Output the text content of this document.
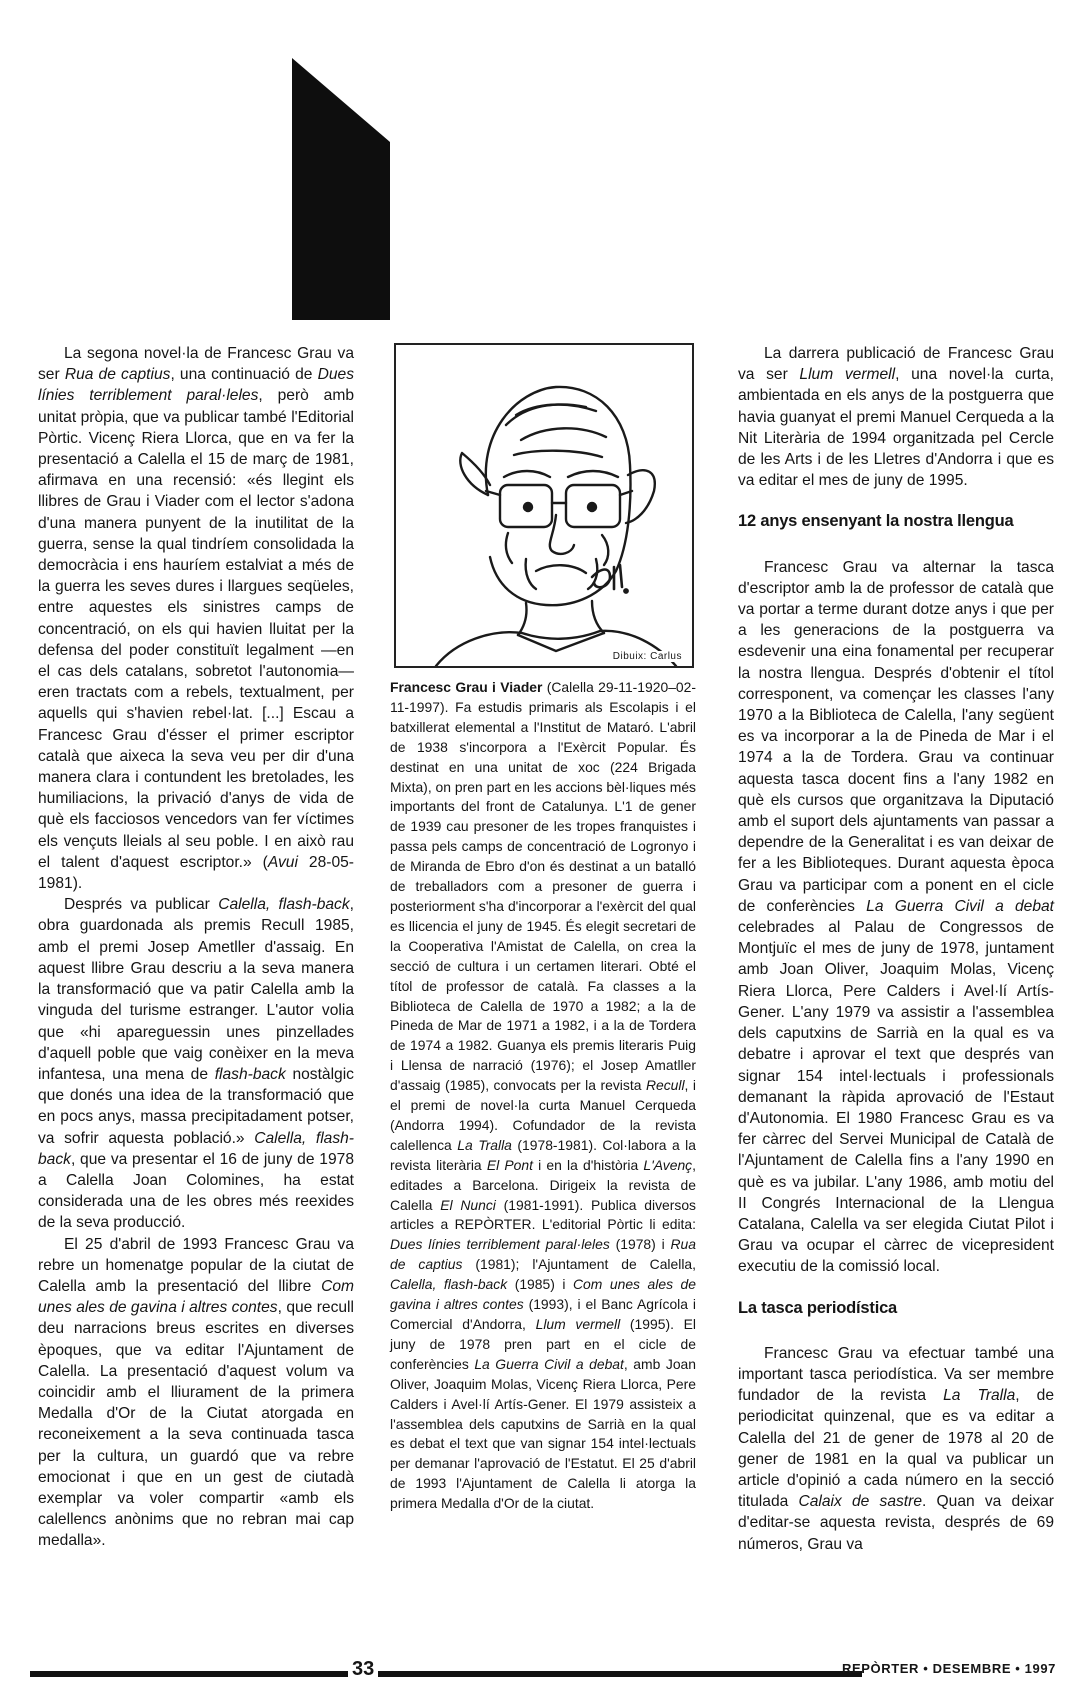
La segona novel·la de Francesc Grau va ser Rua de captius, una continuació de Dues línies terriblement paral·leles, però amb unitat pròpia, que va publicar també l'Editorial Pòrtic. Vicenç Riera Llorca, que en va fer la presentació a Calella el 15 de març de 1981, afirmava en una recensió: «és llegint els llibres de Grau i Viader com el lector s'adona d'una manera punyent de la inutilitat de la guerra, sense la qual tindríem consolidada la democràcia i ens hauríem estalviat a més de la guerra les seves dures i llargues seqüeles, entre aquestes els sinistres camps de concentració, on els qui havien lluitat per la defensa del poder constituït legalment —en el cas dels catalans, sobretot l'autonomia— eren tractats com a rebels, textualment, per aquells qui s'havien rebel·lat. [...] Escau a Francesc Grau d'ésser el primer escriptor català que aixeca la seva veu per dir d'una manera clara i contundent les bretolades, les humiliacions, la privació d'anys de vida de què els facciosos vencedors van fer víctimes els vençuts lleials al seu poble. I en això rau el talent d'aquest escriptor.» (Avui 28-05-1981).

Després va publicar Calella, flash-back, obra guardonada als premis Recull 1985, amb el premi Josep Ametller d'assaig. En aquest llibre Grau descriu a la seva manera la transformació que va patir Calella amb la vinguda del turisme estranger. L'autor volia que «hi apareguessin unes pinzellades d'aquell poble que vaig conèixer en la meva infantesa, una mena de flash-back nostàlgic que donés una idea de la transformació que en pocs anys, massa precipitadament potser, va sofrir aquesta població.» Calella, flash-back, que va presentar el 16 de juny de 1978 a Calella Joan Colomines, ha estat considerada una de les obres més reexides de la seva producció.

El 25 d'abril de 1993 Francesc Grau va rebre un homenatge popular de la ciutat de Calella amb la presentació del llibre Com unes ales de gavina i altres contes, que recull deu narracions breus escrites en diverses èpoques, que va editar l'Ajuntament de Calella. La presentació d'aquest volum va coincidir amb el lliurament de la primera Medalla d'Or de la Ciutat atorgada en reconeixement a la seva continuada tasca per la cultura, un guardó que va rebre emocionat i que en un gest de ciutadà exemplar va voler compartir «amb els calellencs anònims que no rebran mai cap medalla».

Dibuix: Carlus

Francesc Grau i Viader (Calella 29-11-1920–02-11-1997). Fa estudis primaris als Escolapis i el batxillerat elemental a l'Institut de Mataró. L'abril de 1938 s'incorpora a l'Exèrcit Popular. És destinat en una unitat de xoc (224 Brigada Mixta), on pren part en les accions bèl·liques més importants del front de Catalunya. L'1 de gener de 1939 cau presoner de les tropes franquistes i passa pels camps de concentració de Logronyo i de Miranda de Ebro d'on és destinat a un batalló de treballadors com a presoner de guerra i posteriorment s'ha d'incorporar a l'exèrcit del qual es llicencia el juny de 1945. És elegit secretari de la Cooperativa l'Amistat de Calella, on crea la secció de cultura i un certamen literari. Obté el títol de professor de català. Fa classes a la Biblioteca de Calella de 1970 a 1982; a la de Pineda de Mar de 1971 a 1982, i a la de Tordera de 1974 a 1982. Guanya els premis literaris Puig i Llensa de narració (1976); el Josep Amatller d'assaig (1985), convocats per la revista Recull, i el premi de novel·la curta Manuel Cerqueda (Andorra 1994). Cofundador de la revista calellenca La Tralla (1978-1981). Col·labora a la revista literària El Pont i en la d'història L'Avenç, editades a Barcelona. Dirigeix la revista de Calella El Nunci (1981-1991). Publica diversos articles a REPÒRTER. L'editorial Pòrtic li edita: Dues línies terriblement paral·leles (1978) i Rua de captius (1981); l'Ajuntament de Calella, Calella, flash-back (1985) i Com unes ales de gavina i altres contes (1993), i el Banc Agrícola i Comercial d'Andorra, Llum vermell (1995). El juny de 1978 pren part en el cicle de conferències La Guerra Civil a debat, amb Joan Oliver, Joaquim Molas, Vicenç Riera Llorca, Pere Calders i Avel·lí Artís-Gener. El 1979 assisteix a l'assemblea dels caputxins de Sarrià en la qual es debat el text que van signar 154 intel·lectuals per demanar l'aprovació de l'Estatut. El 25 d'abril de 1993 l'Ajuntament de Calella li atorga la primera Medalla d'Or de la ciutat.

La darrera publicació de Francesc Grau va ser Llum vermell, una novel·la curta, ambientada en els anys de la postguerra que havia guanyat el premi Manuel Cerqueda a la Nit Literària de 1994 organitzada pel Cercle de les Arts i de les Lletres d'Andorra i que es va editar el mes de juny de 1995.

12 anys ensenyant la nostra llengua

Francesc Grau va alternar la tasca d'escriptor amb la de professor de català que va portar a terme durant dotze anys i que per a les generacions de la postguerra va esdevenir una eina fonamental per recuperar la nostra llengua. Després d'obtenir el títol corresponent, va començar les classes l'any 1970 a la Biblioteca de Calella, l'any següent es va incorporar a la de Pineda de Mar i el 1974 a la de Tordera. Grau va continuar aquesta tasca docent fins a l'any 1982 en què els cursos que organitzava la Diputació amb el suport dels ajuntaments van passar a dependre de la Generalitat i es van deixar de fer a les Biblioteques. Durant aquesta època Grau va participar com a ponent en el cicle de conferències La Guerra Civil a debat celebrades al Palau de Congressos de Montjuïc el mes de juny de 1978, juntament amb Joan Oliver, Joaquim Molas, Vicenç Riera Llorca, Pere Calders i Avel·lí Artís-Gener. L'any 1979 va assistir a l'assemblea dels caputxins de Sarrià en la qual es va debatre i aprovar el text que després van signar 154 intel·lectuals i professionals demanant la ràpida aprovació de l'Estaut d'Autonomia. El 1980 Francesc Grau es va fer càrrec del Servei Municipal de Català de l'Ajuntament de Calella fins a l'any 1990 en què es va jubilar. L'any 1986, amb motiu del II Congrés Internacional de la Llengua Catalana, Calella va ser elegida Ciutat Pilot i Grau va ocupar el càrrec de vicepresident executiu de la comissió local.

La tasca periodística

Francesc Grau va efectuar també una important tasca periodística. Va ser membre fundador de la revista La Tralla, de periodicitat quinzenal, que es va editar a Calella del 21 de gener de 1978 al 20 de gener de 1981 en la qual va publicar un article d'opinió a cada número en la secció titulada Calaix de sastre. Quan va deixar d'editar-se aquesta revista, després de 69 números, Grau va

33	REPÒRTER • DESEMBRE • 1997
